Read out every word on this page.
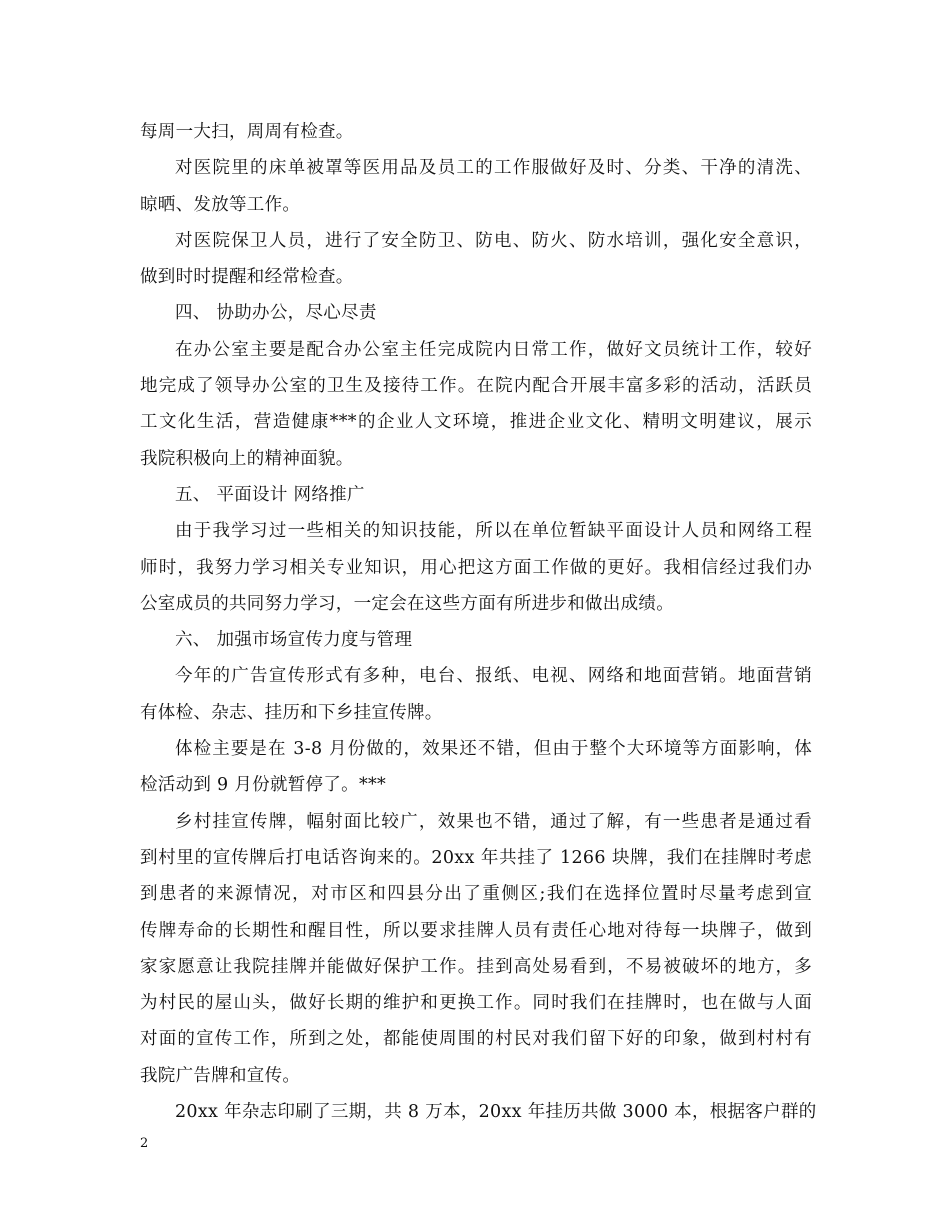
每周一大扫，周周有检查。
对医院里的床单被罩等医用品及员工的工作服做好及时、分类、干净的清洗、
晾晒、发放等工作。
对医院保卫人员，进行了安全防卫、防电、防火、防水培训，强化安全意识，
做到时时提醒和经常检查。
四、 协助办公，尽心尽责
在办公室主要是配合办公室主任完成院内日常工作，做好文员统计工作，较好
地完成了领导办公室的卫生及接待工作。在院内配合开展丰富多彩的活动，活跃员
工文化生活，营造健康***的企业人文环境，推进企业文化、精明文明建议，展示
我院积极向上的精神面貌。
五、 平面设计 网络推广
由于我学习过一些相关的知识技能，所以在单位暂缺平面设计人员和网络工程
师时，我努力学习相关专业知识，用心把这方面工作做的更好。我相信经过我们办
公室成员的共同努力学习，一定会在这些方面有所进步和做出成绩。
六、 加强市场宣传力度与管理
今年的广告宣传形式有多种，电台、报纸、电视、网络和地面营销。地面营销
有体检、杂志、挂历和下乡挂宣传牌。
体检主要是在 3-8 月份做的，效果还不错，但由于整个大环境等方面影响，体
检活动到 9 月份就暂停了。***
乡村挂宣传牌，幅射面比较广，效果也不错，通过了解，有一些患者是通过看
到村里的宣传牌后打电话咨询来的。20xx 年共挂了 1266 块牌，我们在挂牌时考虑
到患者的来源情况，对市区和四县分出了重侧区;我们在选择位置时尽量考虑到宣
传牌寿命的长期性和醒目性，所以要求挂牌人员有责任心地对待每一块牌子，做到
家家愿意让我院挂牌并能做好保护工作。挂到高处易看到，不易被破坏的地方，多
为村民的屋山头，做好长期的维护和更换工作。同时我们在挂牌时，也在做与人面
对面的宣传工作，所到之处，都能使周围的村民对我们留下好的印象，做到村村有
我院广告牌和宣传。
20xx 年杂志印刷了三期，共 8 万本，20xx 年挂历共做 3000 本，根据客户群的
2
